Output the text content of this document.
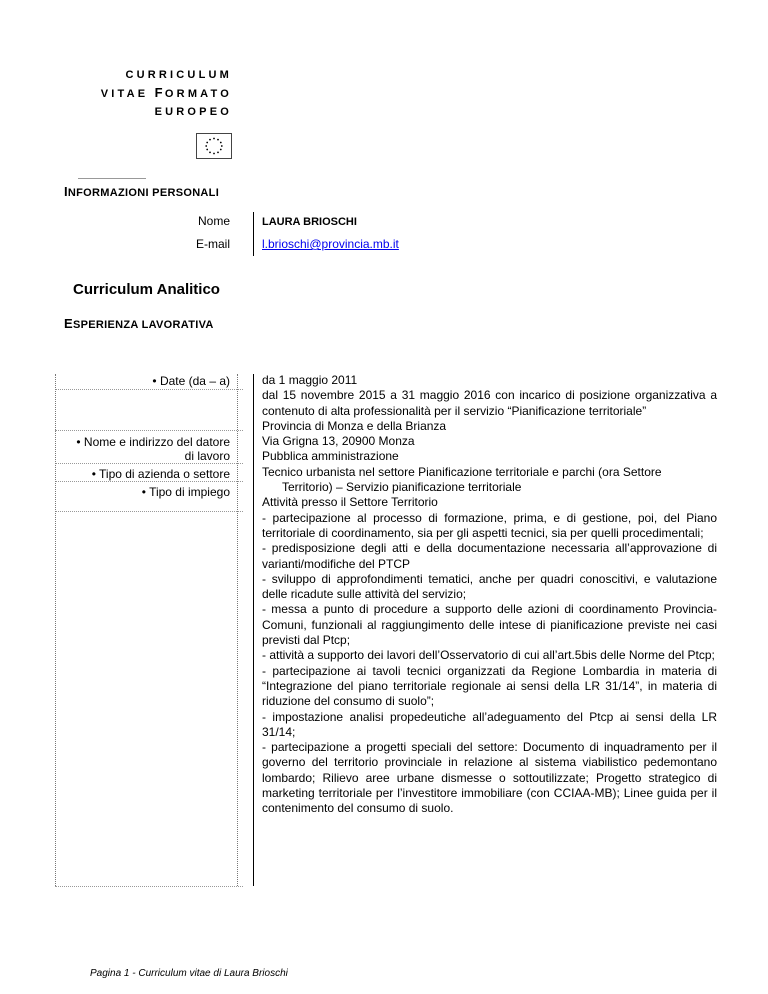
CURRICULUM
VITAE FORMATO
EUROPEO
INFORMAZIONI PERSONALI
Nome	LAURA BRIOSCHI
E-mail	l.brioschi@provincia.mb.it
Curriculum Analitico
ESPERIENZA LAVORATIVA
• Date (da – a)
• Nome e indirizzo del datore
di lavoro
• Tipo di azienda o settore
• Tipo di impiego

da 1 maggio 2011

dal 15 novembre 2015 a 31 maggio 2016 con incarico di posizione organizzativa a contenuto di alta professionalità per il servizio “Pianificazione territoriale”

Provincia di Monza e della Brianza

Via Grigna 13, 20900 Monza

Pubblica amministrazione

Tecnico urbanista nel settore Pianificazione territoriale e parchi (ora Settore

Territorio) – Servizio pianificazione territoriale

Attività presso il Settore Territorio

- partecipazione al processo di formazione, prima, e di gestione, poi, del Piano territoriale di coordinamento, sia per gli aspetti tecnici, sia per quelli procedimentali;

- predisposizione degli atti e della documentazione necessaria all’approvazione di varianti/modifiche del PTCP

- sviluppo di approfondimenti tematici, anche per quadri conoscitivi, e valutazione delle ricadute sulle attività del servizio;

- messa a punto di procedure a supporto delle azioni di coordinamento Provincia-Comuni, funzionali al raggiungimento delle intese di pianificazione previste nei casi previsti dal Ptcp;

- attività a supporto dei lavori dell’Osservatorio di cui all’art.5bis delle Norme del Ptcp;

- partecipazione ai tavoli tecnici organizzati da Regione Lombardia in materia di “Integrazione del piano territoriale regionale ai sensi della LR 31/14”, in materia di riduzione del consumo di suolo”;

- impostazione analisi propedeutiche all’adeguamento del Ptcp ai sensi della LR 31/14;

- partecipazione a progetti speciali del settore: Documento di inquadramento per il governo del territorio provinciale in relazione al sistema viabilistico pedemontano lombardo; Rilievo aree urbane dismesse o sottoutilizzate; Progetto strategico di marketing territoriale per l’investitore immobiliare (con CCIAA-MB); Linee guida per il contenimento del consumo di suolo.

Pagina 1 - Curriculum vitae di Laura Brioschi
